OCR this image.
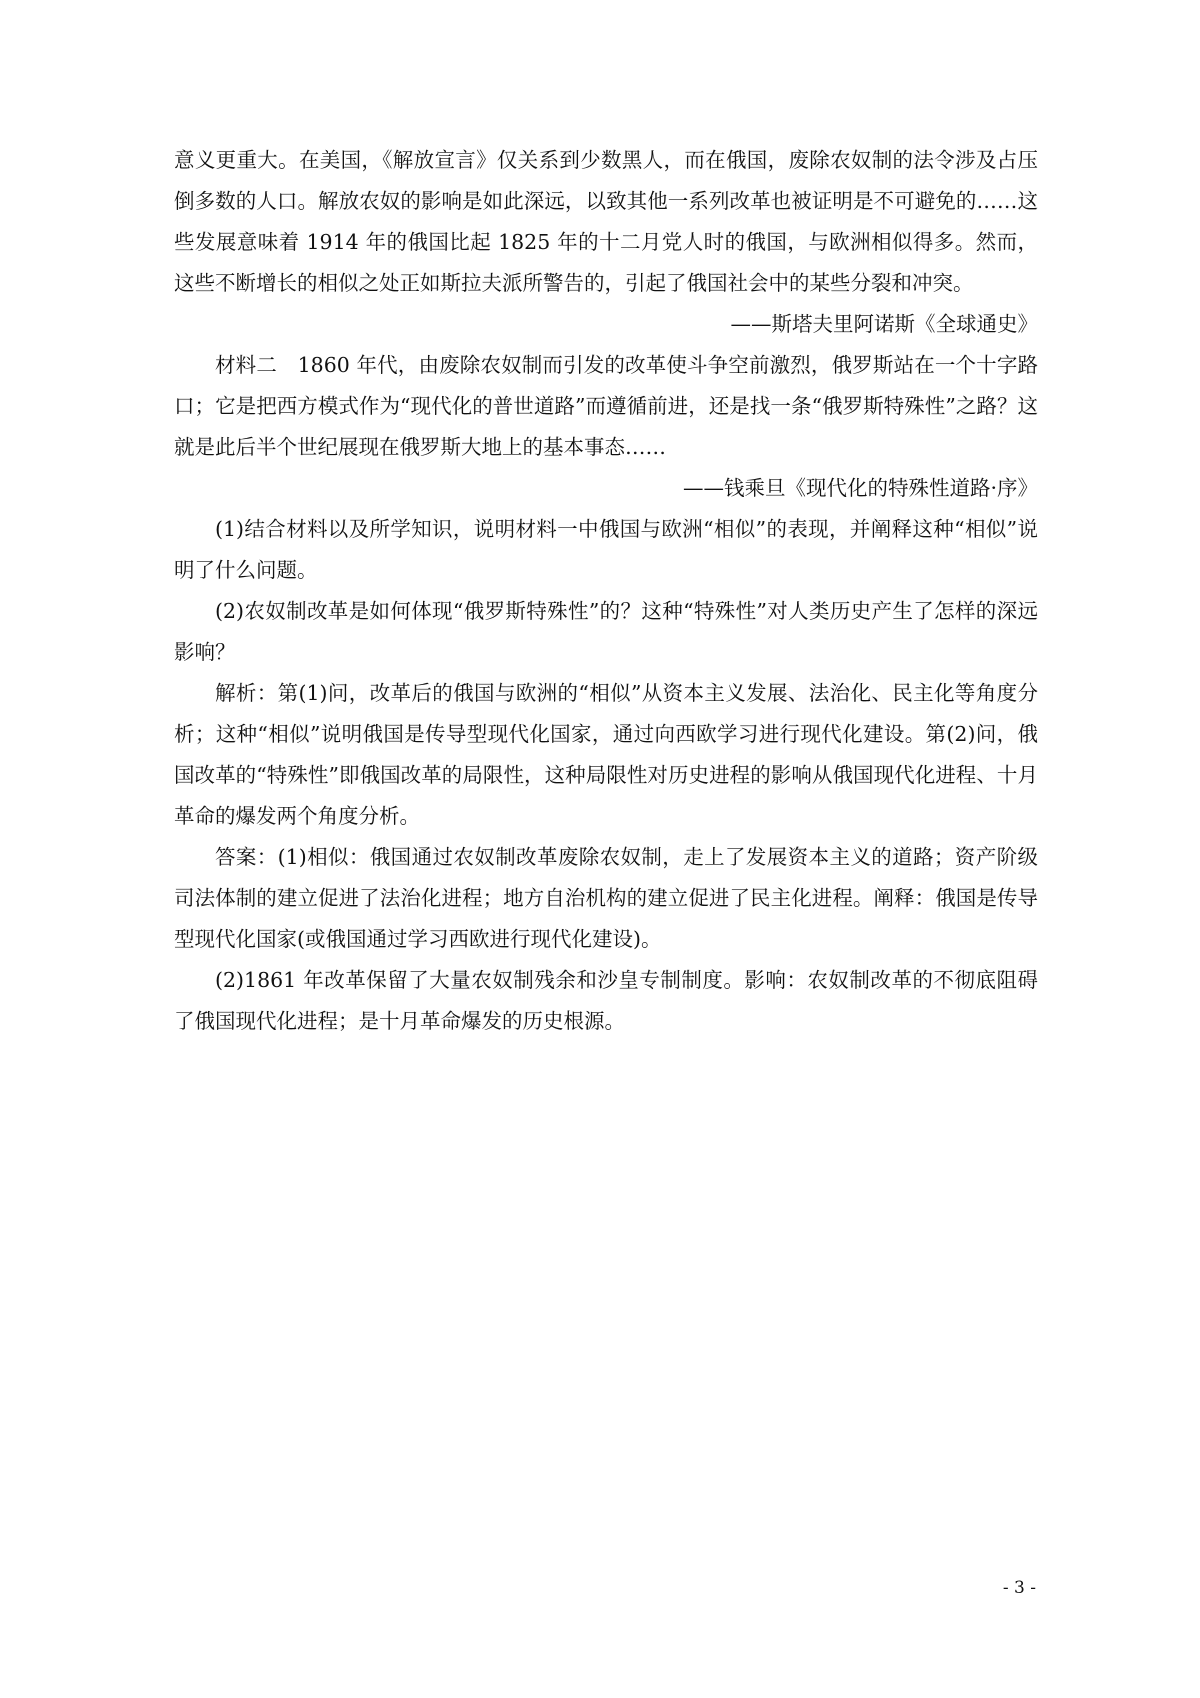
意义更重大。在美国，《解放宣言》仅关系到少数黑人，而在俄国，废除农奴制的法令涉及占压倒多数的人口。解放农奴的影响是如此深远，以致其他一系列改革也被证明是不可避免的……这些发展意味着 1914 年的俄国比起 1825 年的十二月党人时的俄国，与欧洲相似得多。然而，这些不断增长的相似之处正如斯拉夫派所警告的，引起了俄国社会中的某些分裂和冲突。

——斯塔夫里阿诺斯《全球通史》

材料二　1860 年代，由废除农奴制而引发的改革使斗争空前激烈，俄罗斯站在一个十字路口；它是把西方模式作为“现代化的普世道路”而遵循前进，还是找一条“俄罗斯特殊性”之路？这就是此后半个世纪展现在俄罗斯大地上的基本事态……

——钱乘旦《现代化的特殊性道路·序》

(1)结合材料以及所学知识，说明材料一中俄国与欧洲“相似”的表现，并阐释这种“相似”说明了什么问题。

(2)农奴制改革是如何体现“俄罗斯特殊性”的？这种“特殊性”对人类历史产生了怎样的深远影响？

解析：第(1)问，改革后的俄国与欧洲的“相似”从资本主义发展、法治化、民主化等角度分析；这种“相似”说明俄国是传导型现代化国家，通过向西欧学习进行现代化建设。第(2)问，俄国改革的“特殊性”即俄国改革的局限性，这种局限性对历史进程的影响从俄国现代化进程、十月革命的爆发两个角度分析。

答案：(1)相似：俄国通过农奴制改革废除农奴制，走上了发展资本主义的道路；资产阶级司法体制的建立促进了法治化进程；地方自治机构的建立促进了民主化进程。阐释：俄国是传导型现代化国家(或俄国通过学习西欧进行现代化建设)。

(2)1861 年改革保留了大量农奴制残余和沙皇专制制度。影响：农奴制改革的不彻底阻碍了俄国现代化进程；是十月革命爆发的历史根源。

- 3 -
